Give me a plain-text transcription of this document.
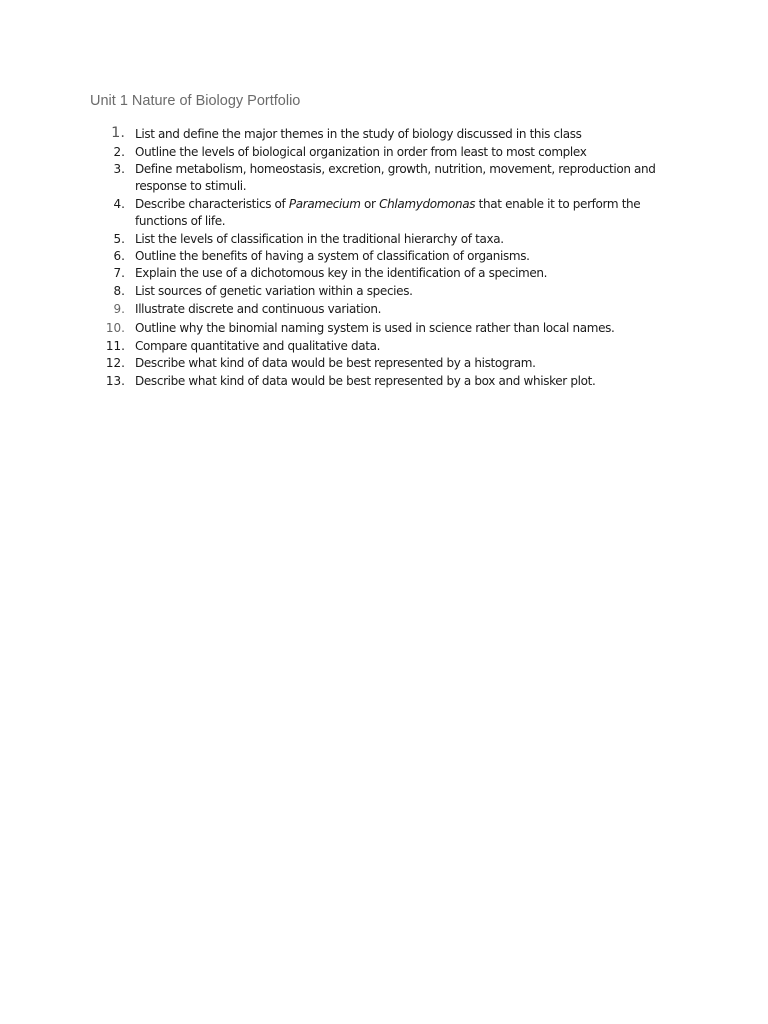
Unit 1 Nature of Biology Portfolio
1. List and define the major themes in the study of biology discussed in this class
2. Outline the levels of biological organization in order from least to most complex
3. Define metabolism, homeostasis, excretion, growth, nutrition, movement, reproduction and response to stimuli.
4. Describe characteristics of Paramecium or Chlamydomonas that enable it to perform the functions of life.
5. List the levels of classification in the traditional hierarchy of taxa.
6. Outline the benefits of having a system of classification of organisms.
7. Explain the use of a dichotomous key in the identification of a specimen.
8. List sources of genetic variation within a species.
9. Illustrate discrete and continuous variation.
10. Outline why the binomial naming system is used in science rather than local names.
11. Compare quantitative and qualitative data.
12. Describe what kind of data would be best represented by a histogram.
13. Describe what kind of data would be best represented by a box and whisker plot.
